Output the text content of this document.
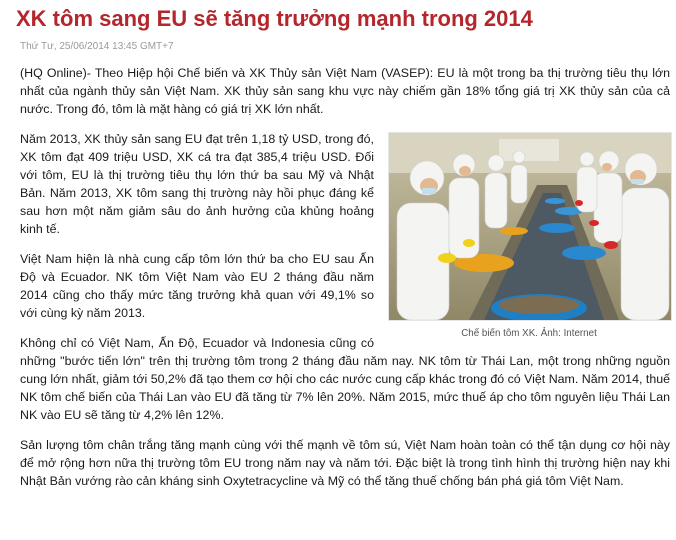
XK tôm sang EU sẽ tăng trưởng mạnh trong 2014
Thứ Tư, 25/06/2014 13:45 GMT+7

(HQ Online)- Theo Hiệp hội Chế biến và XK Thủy sản Việt Nam (VASEP): EU là một trong ba thị trường tiêu thụ lớn nhất của ngành thủy sản Việt Nam. XK thủy sản sang khu vực này chiếm gần 18% tổng giá trị XK thủy sản của cả nước. Trong đó, tôm là mặt hàng có giá trị XK lớn nhất.

Chế biến tôm XK. Ảnh: Internet

Năm 2013, XK thủy sản sang EU đạt trên 1,18 tỷ USD, trong đó, XK tôm đạt 409 triệu USD, XK cá tra đạt 385,4 triệu USD. Đối với tôm, EU là thị trường tiêu thụ lớn thứ ba sau Mỹ và Nhật Bản. Năm 2013, XK tôm sang thị trường này hồi phục đáng kể sau hơn một năm giảm sâu do ảnh hưởng của khủng hoảng kinh tế.

Việt Nam hiện là nhà cung cấp tôm lớn thứ ba cho EU sau Ấn Độ và Ecuador. NK tôm Việt Nam vào EU 2 tháng đầu năm 2014 cũng cho thấy mức tăng trưởng khả quan với 49,1% so với cùng kỳ năm 2013.

Không chỉ có Việt Nam, Ấn Độ, Ecuador và Indonesia cũng có những "bước tiến lớn" trên thị trường tôm trong 2 tháng đầu năm nay. NK tôm từ Thái Lan, một trong những nguồn cung lớn nhất, giảm tới 50,2% đã tạo them cơ hội cho các nước cung cấp khác trong đó có Việt Nam. Năm 2014, thuế NK tôm chế biến của Thái Lan vào EU đã tăng từ 7% lên 20%. Năm 2015, mức thuế áp cho tôm nguyên liệu Thái Lan NK vào EU sẽ tăng từ 4,2% lên 12%.

Sản lượng tôm chân trắng tăng mạnh cùng với thế mạnh về tôm sú, Việt Nam hoàn toàn có thể tận dụng cơ hội này để mở rộng hơn nữa thị trường tôm EU trong năm nay và năm tới. Đặc biệt là trong tình hình thị trường hiện nay khi Nhật Bản vướng rào cản kháng sinh Oxytetracycline và Mỹ có thể tăng thuế chống bán phá giá tôm Việt Nam.
